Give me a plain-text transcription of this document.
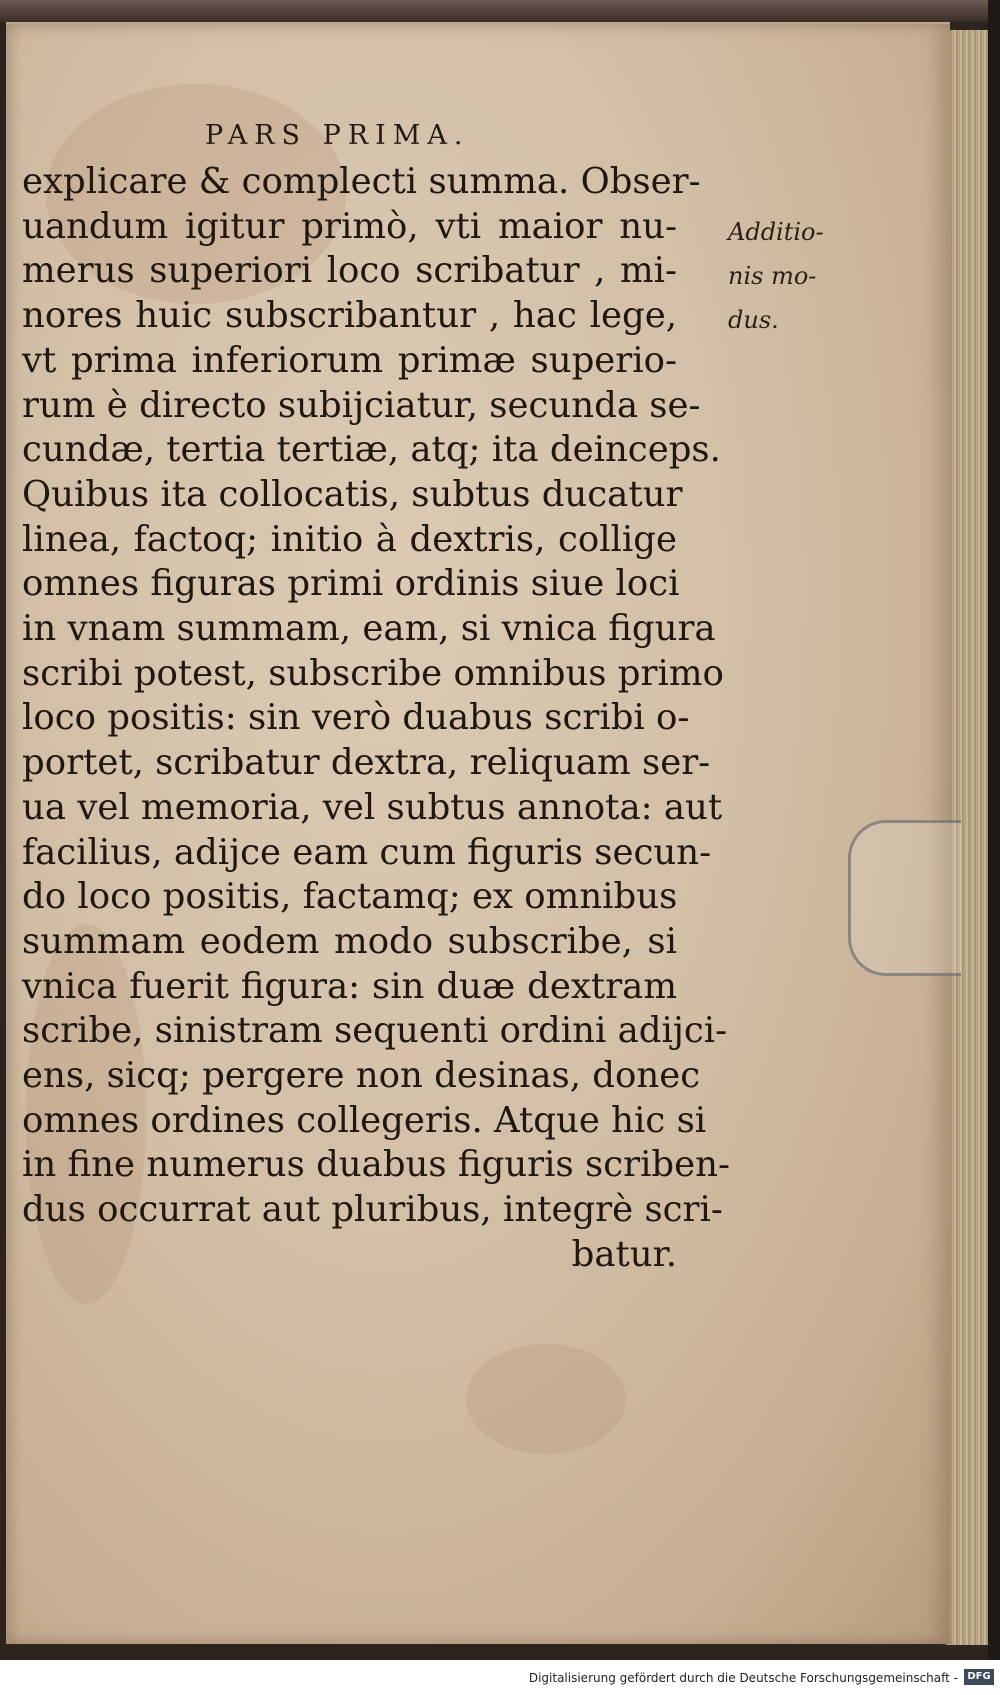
PARS PRIMA.
explicare & complecti summa. Obser-
uandum igitur primò, vti maior nu-
merus superiori loco scribatur , mi-
nores huic subscribantur , hac lege,
vt prima inferiorum primæ superio-
rum è directo subijciatur, secunda se-
cundæ, tertia tertiæ, atq; ita deinceps.
Quibus ita collocatis, subtus ducatur
linea, factoq; initio à dextris, collige
omnes figuras primi ordinis siue loci
in vnam summam, eam, si vnica figura
scribi potest, subscribe omnibus primo
loco positis: sin verò duabus scribi o-
portet, scribatur dextra, reliquam ser-
ua vel memoria, vel subtus annota: aut
facilius, adijce eam cum figuris secun-
do loco positis, factamq; ex omnibus
summam eodem modo subscribe, si
vnica fuerit figura: sin duæ dextram
scribe, sinistram sequenti ordini adijci-
ens, sicq; pergere non desinas, donec
omnes ordines collegeris. Atque hic si
in fine numerus duabus figuris scriben-
dus occurrat aut pluribus, integrè scri-
batur.
Additio-
nis mo-
dus.
Digitalisierung gefördert durch die Deutsche Forschungsgemeinschaft - DFG
